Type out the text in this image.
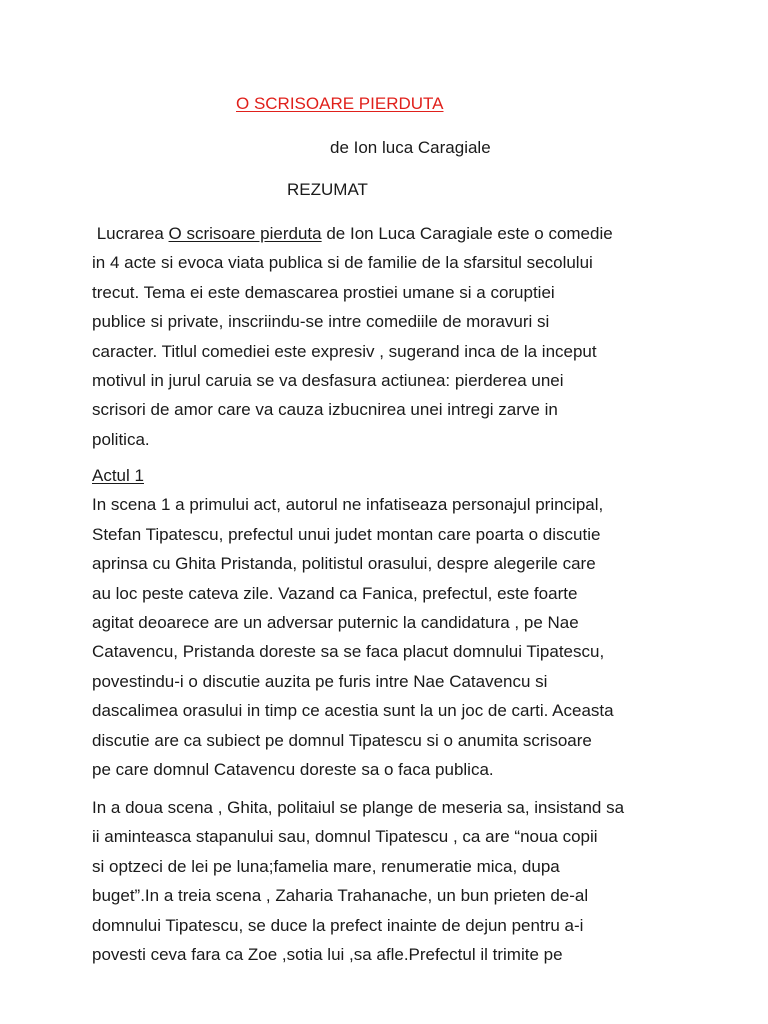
O SCRISOARE PIERDUTA
de Ion luca Caragiale
REZUMAT
Lucrarea O scrisoare pierduta de Ion Luca Caragiale este o comedie
in 4 acte si evoca viata publica si de familie de la sfarsitul secolului
trecut. Tema ei este demascarea prostiei umane si a coruptiei
publice si private, inscriindu-se intre comediile de moravuri si
caracter. Titlul comediei este expresiv , sugerand inca de la inceput
motivul in jurul caruia se va desfasura actiunea: pierderea unei
scrisori de amor care va cauza izbucnirea unei intregi zarve in
politica.
Actul 1
In scena 1 a primului act, autorul ne infatiseaza personajul principal,
Stefan Tipatescu, prefectul unui judet montan care poarta o discutie
aprinsa cu Ghita Pristanda, politistul orasului, despre alegerile care
au loc peste cateva zile. Vazand ca Fanica, prefectul, este foarte
agitat deoarece are un adversar puternic la candidatura , pe Nae
Catavencu, Pristanda doreste sa se faca placut domnului Tipatescu,
povestindu-i o discutie auzita pe furis intre Nae Catavencu si
dascalimea orasului in timp ce acestia sunt la un joc de carti. Aceasta
discutie are ca subiect pe domnul Tipatescu si o anumita scrisoare
pe care domnul Catavencu doreste sa o faca publica.
In a doua scena , Ghita, politaiul se plange de meseria sa, insistand sa
ii aminteasca stapanului sau, domnul Tipatescu , ca are “noua copii
si optzeci de lei pe luna;famelia mare, renumeratie mica, dupa
buget”.In a treia scena , Zaharia Trahanache, un bun prieten de-al
domnului Tipatescu, se duce la prefect inainte de dejun pentru a-i
povesti ceva fara ca Zoe ,sotia lui ,sa afle.Prefectul il trimite pe
